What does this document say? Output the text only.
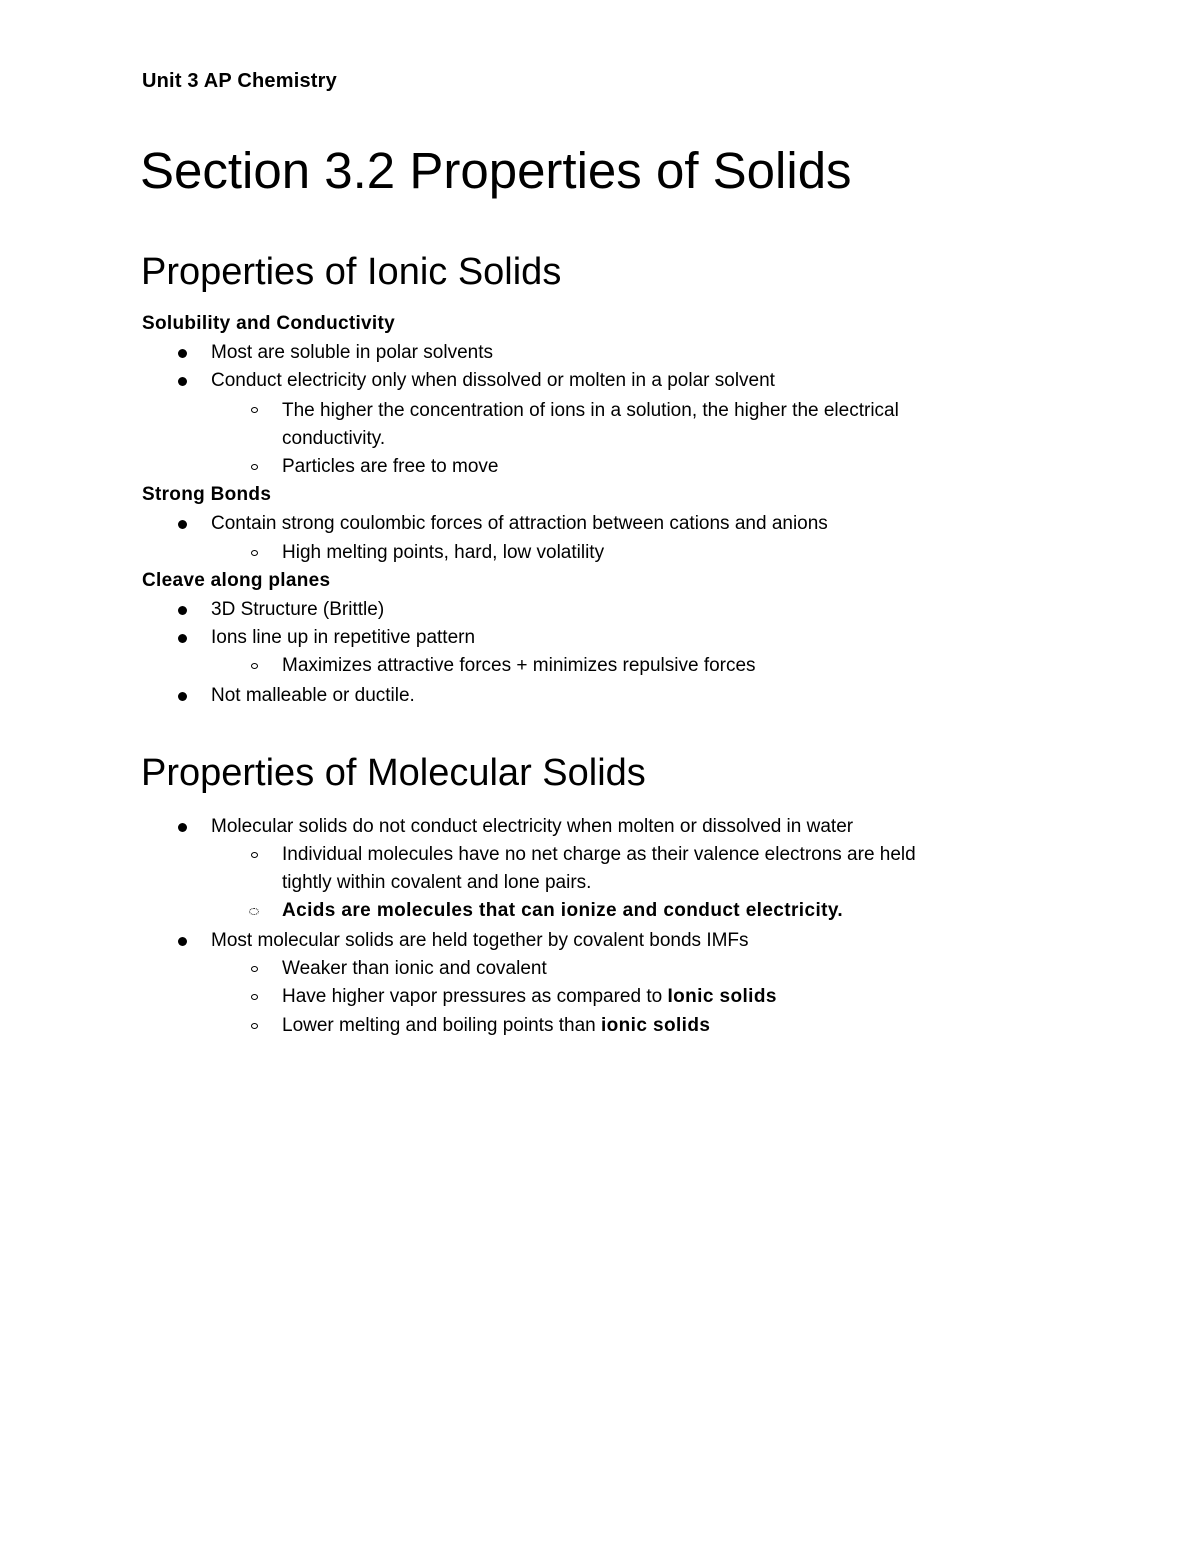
Unit 3 AP Chemistry
Section 3.2 Properties of Solids
Properties of Ionic Solids
Solubility and Conductivity
Most are soluble in polar solvents
Conduct electricity only when dissolved or molten in a polar solvent
The higher the concentration of ions in a solution, the higher the electrical
conductivity.
Particles are free to move
Strong Bonds
Contain strong coulombic forces of attraction between cations and anions
High melting points, hard, low volatility
Cleave along planes
3D Structure (Brittle)
Ions line up in repetitive pattern
Maximizes attractive forces + minimizes repulsive forces
Not malleable or ductile.
Properties of Molecular Solids
Molecular solids do not conduct electricity when molten or dissolved in water
Individual molecules have no net charge as their valence electrons are held
tightly within covalent and lone pairs.
Acids are molecules that can ionize and conduct electricity.
Most molecular solids are held together by covalent bonds IMFs
Weaker than ionic and covalent
Have higher vapor pressures as compared to Ionic solids
Lower melting and boiling points than ionic solids
